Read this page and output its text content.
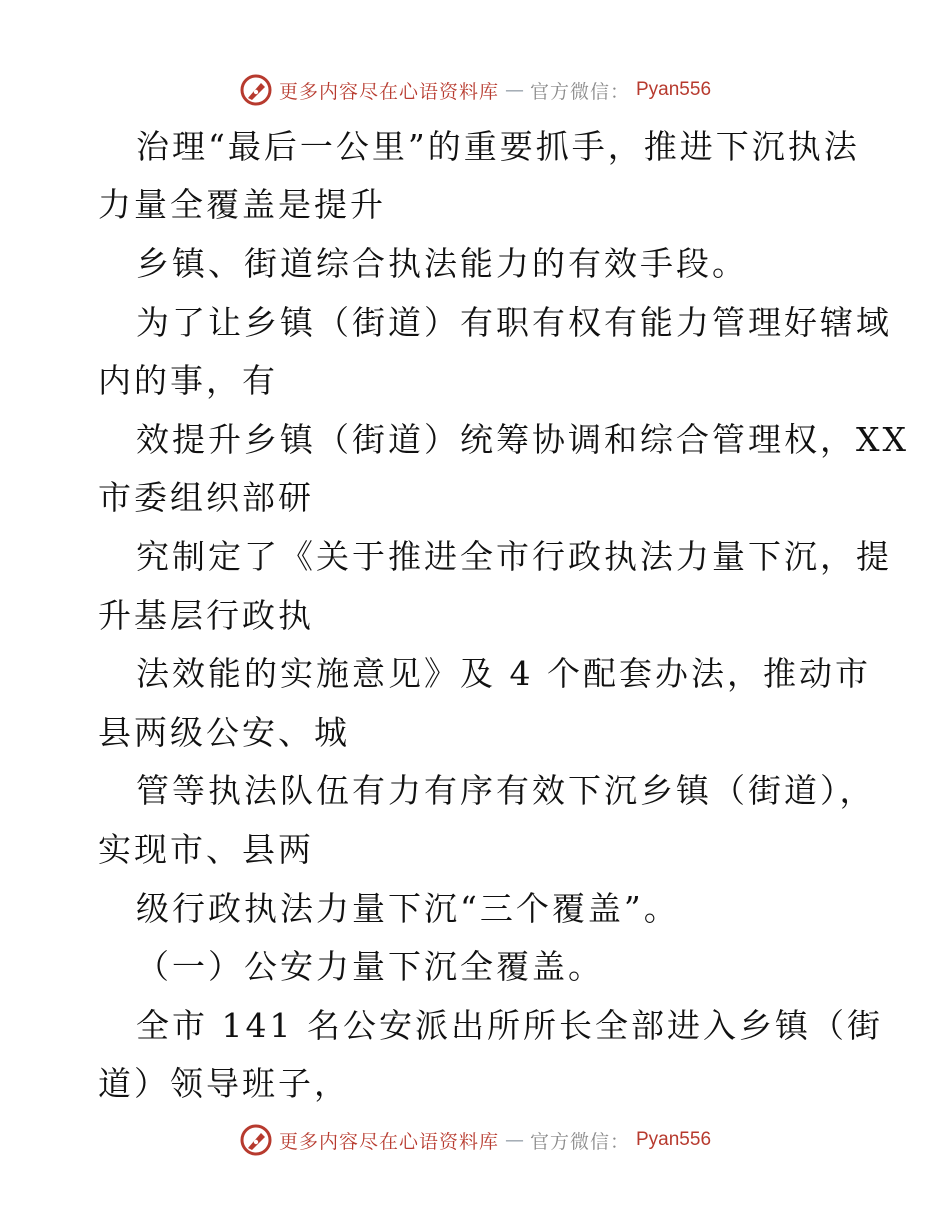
更多内容尽在心语资料库 — 官方微信： Pyan556
治理“最后一公里”的重要抓手，推进下沉执法
力量全覆盖是提升
乡镇、街道综合执法能力的有效手段。
为了让乡镇（街道）有职有权有能力管理好辖域
内的事，有
效提升乡镇（街道）统筹协调和综合管理权，XX
市委组织部研
究制定了《关于推进全市行政执法力量下沉，提
升基层行政执
法效能的实施意见》及 4 个配套办法，推动市
县两级公安、城
管等执法队伍有力有序有效下沉乡镇（街道），
实现市、县两
级行政执法力量下沉“三个覆盖”。
（一）公安力量下沉全覆盖。
全市 141 名公安派出所所长全部进入乡镇（街
道）领导班子，
更多内容尽在心语资料库 — 官方微信： Pyan556
